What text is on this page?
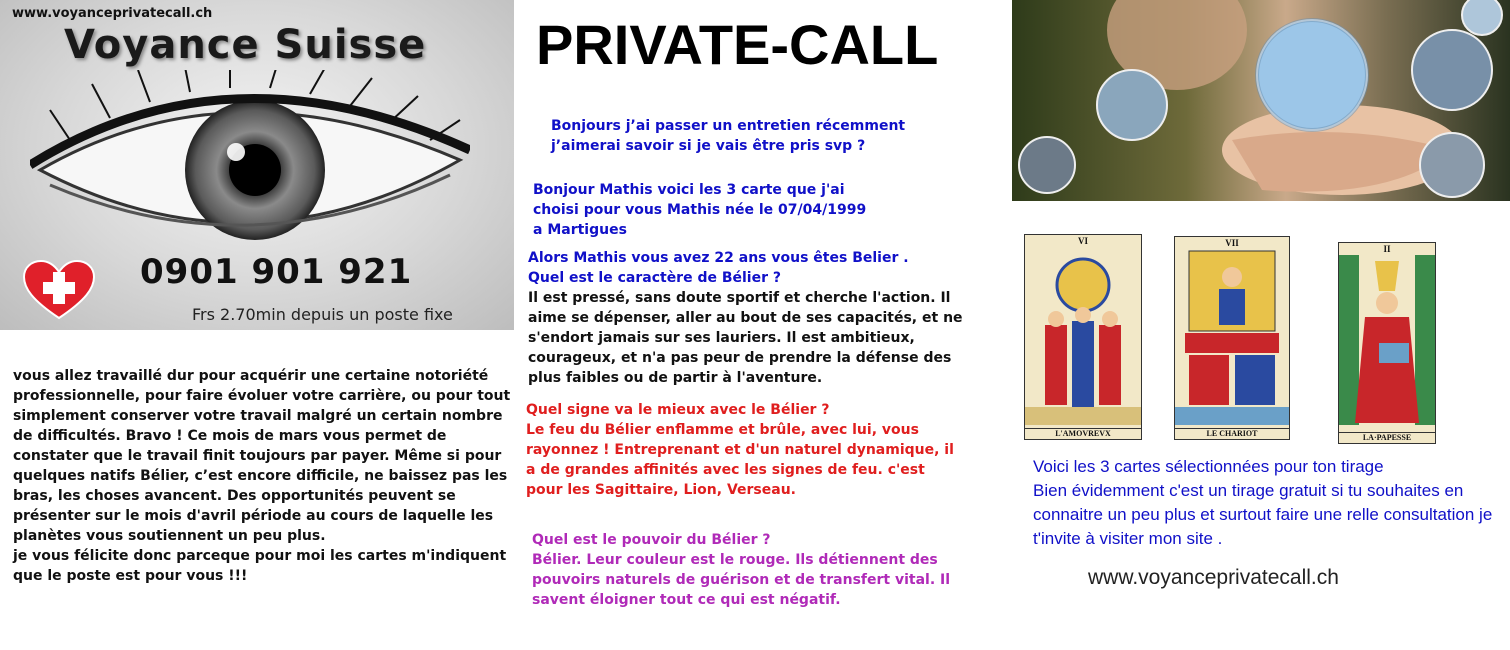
www.voyanceprivatecall.ch
Voyance Suisse
0901 901 921
Frs 2.70min depuis un poste fixe
vous allez travaillé dur pour acquérir une certaine notoriété professionnelle, pour faire évoluer votre carrière, ou pour tout simplement conserver votre travail malgré un certain nombre de difficultés. Bravo ! Ce mois de mars vous permet de constater que le travail finit toujours par payer. Même si pour quelques natifs Bélier, c’est encore difficile, ne baissez pas les bras, les choses avancent. Des opportunités peuvent se présenter sur le mois d'avril période au cours de laquelle les planètes vous soutiennent un peu plus.
je vous félicite donc parceque pour moi les cartes m'indiquent que le poste est pour vous !!!
PRIVATE-CALL
Bonjours j’ai passer un entretien récemment j’aimerai savoir si je vais être pris svp ?
Bonjour Mathis voici les 3 carte que j'ai choisi pour vous Mathis née le 07/04/1999 a Martigues
Alors Mathis vous avez 22 ans vous êtes Belier .
Quel est le caractère de Bélier ?
Il est pressé, sans doute sportif et cherche l'action. Il aime se dépenser, aller au bout de ses capacités, et ne s'endort jamais sur ses lauriers. Il est ambitieux, courageux, et n'a pas peur de prendre la défense des plus faibles ou de partir à l'aventure.
Quel signe va le mieux avec le Bélier ?
Le feu du Bélier enflamme et brûle, avec lui, vous rayonnez ! Entreprenant et d'un naturel dynamique, il a de grandes affinités avec les signes de feu. c'est pour les Sagittaire, Lion, Verseau.
Quel est le pouvoir du Bélier ?
Bélier. Leur couleur est le rouge. Ils détiennent des pouvoirs naturels de guérison et de transfert vital. Il savent éloigner tout ce qui est négatif.
VI
L'AMOVREVX
VII
LE CHARIOT
II
LA·PAPESSE
Voici les 3 cartes sélectionnées pour ton tirage
Bien évidemment c'est un tirage gratuit si tu souhaites en connaitre un peu plus et surtout faire une relle consultation je t'invite à visiter mon site .
www.voyanceprivatecall.ch
